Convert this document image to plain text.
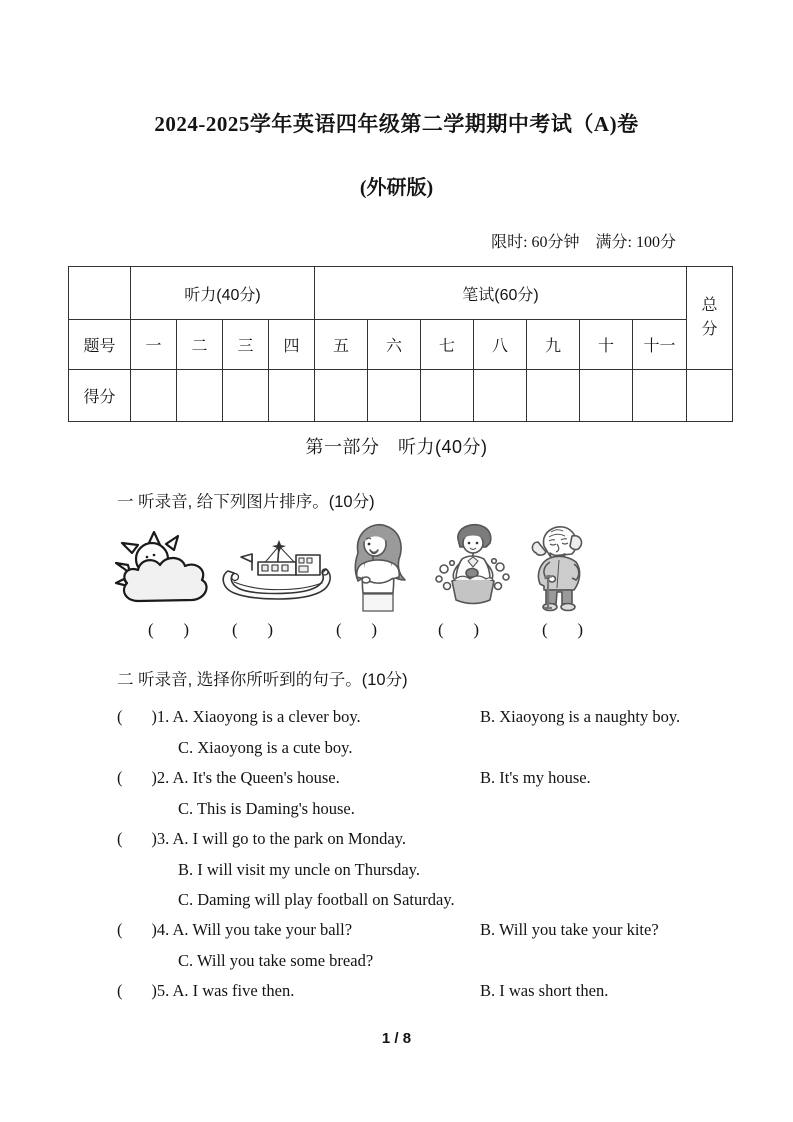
2024-2025学年英语四年级第二学期期中考试（A)卷
(外研版)
限时: 60分钟　满分: 100分
	听力(40分)				笔试(60分)							总分
题号	一	二	三	四	五	六	七	八	九	十	十一	
得分												
第一部分　听力(40分)
一 听录音, 给下列图片排序。(10分)
(       )	(       )	(       )	(       )	(       )
二 听录音, 选择你所听到的句子。(10分)
(       )1. A. Xiaoyong is a clever boy.	B. Xiaoyong is a naughty boy.
C. Xiaoyong is a cute boy.
(       )2. A. It's the Queen's house.	B. It's my house.
C. This is Daming's house.
(       )3. A. I will go to the park on Monday.
B. I will visit my uncle on Thursday.
C. Daming will play football on Saturday.
(       )4. A. Will you take your ball?	B. Will you take your kite?
C. Will you take some bread?
(       )5. A. I was five then.	B. I was short then.
1 / 8
